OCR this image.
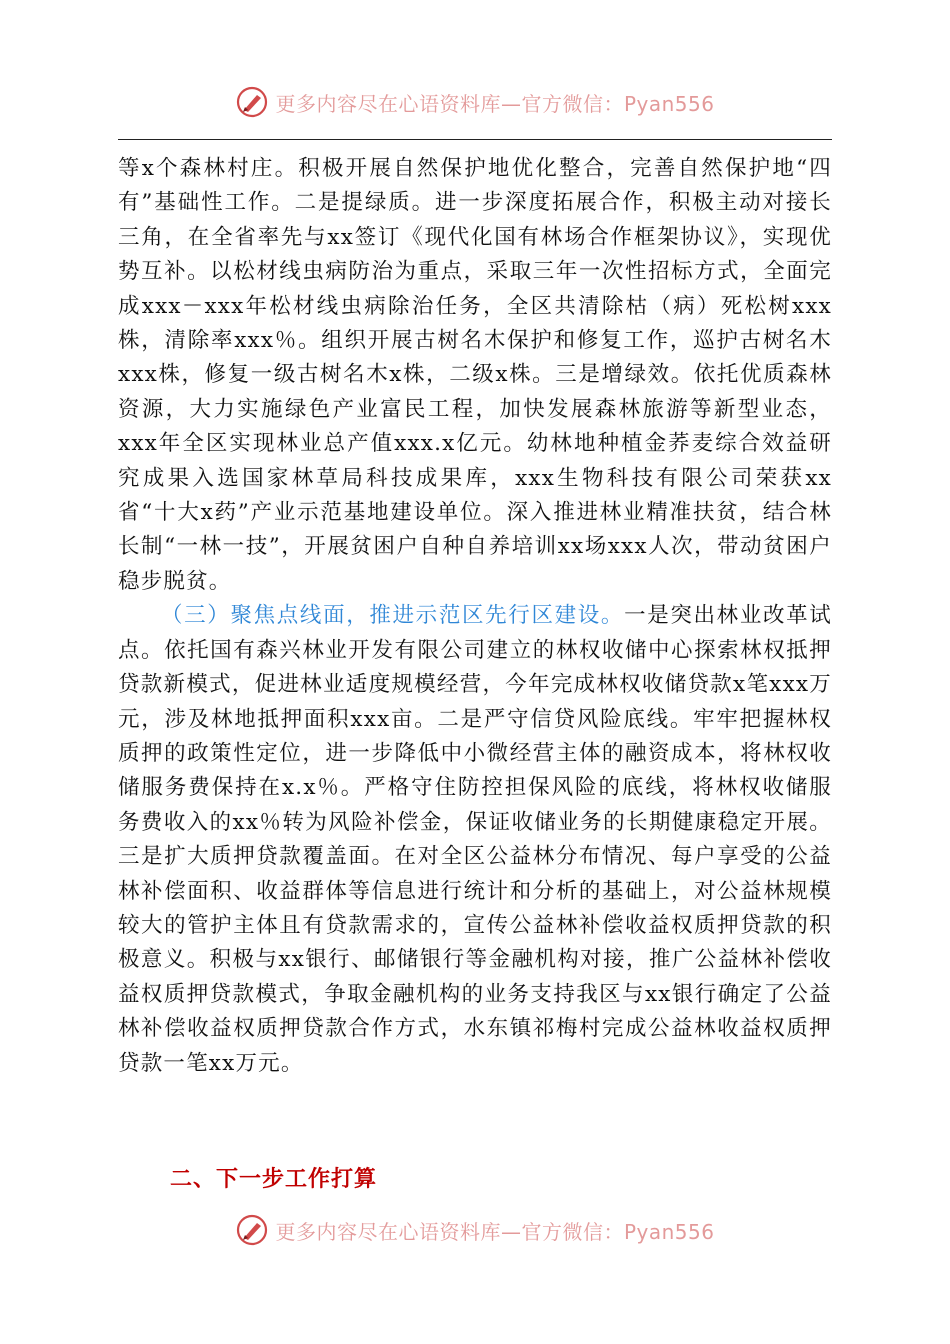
更多内容尽在心语资料库—官方微信：Pyan556

等x个森林村庄。积极开展自然保护地优化整合，完善自然保护地“四有”基础性工作。二是提绿质。进一步深度拓展合作，积极主动对接长三角，在全省率先与xx签订《现代化国有林场合作框架协议》，实现优势互补。以松材线虫病防治为重点，采取三年一次性招标方式，全面完成xxx－xxx年松材线虫病除治任务，全区共清除枯（病）死松树xxx株，清除率xxx％。组织开展古树名木保护和修复工作，巡护古树名木xxx株，修复一级古树名木x株，二级x株。三是增绿效。依托优质森林资源，大力实施绿色产业富民工程，加快发展森林旅游等新型业态，xxx年全区实现林业总产值xxx.x亿元。幼林地种植金荞麦综合效益研究成果入选国家林草局科技成果库，xxx生物科技有限公司荣获xx省“十大x药”产业示范基地建设单位。深入推进林业精准扶贫，结合林长制“一林一技”，开展贫困户自种自养培训xx场xxx人次，带动贫困户稳步脱贫。

（三）聚焦点线面，推进示范区先行区建设。一是突出林业改革试点。依托国有森兴林业开发有限公司建立的林权收储中心探索林权抵押贷款新模式，促进林业适度规模经营，今年完成林权收储贷款x笔xxx万元，涉及林地抵押面积xxx亩。二是严守信贷风险底线。牢牢把握林权质押的政策性定位，进一步降低中小微经营主体的融资成本，将林权收储服务费保持在x.x％。严格守住防控担保风险的底线，将林权收储服务费收入的xx％转为风险补偿金，保证收储业务的长期健康稳定开展。三是扩大质押贷款覆盖面。在对全区公益林分布情况、每户享受的公益林补偿面积、收益群体等信息进行统计和分析的基础上，对公益林规模较大的管护主体且有贷款需求的，宣传公益林补偿收益权质押贷款的积极意义。积极与xx银行、邮储银行等金融机构对接，推广公益林补偿收益权质押贷款模式，争取金融机构的业务支持我区与xx银行确定了公益林补偿收益权质押贷款合作方式，水东镇祁梅村完成公益林收益权质押贷款一笔xx万元。

二、下一步工作打算

更多内容尽在心语资料库—官方微信：Pyan556
